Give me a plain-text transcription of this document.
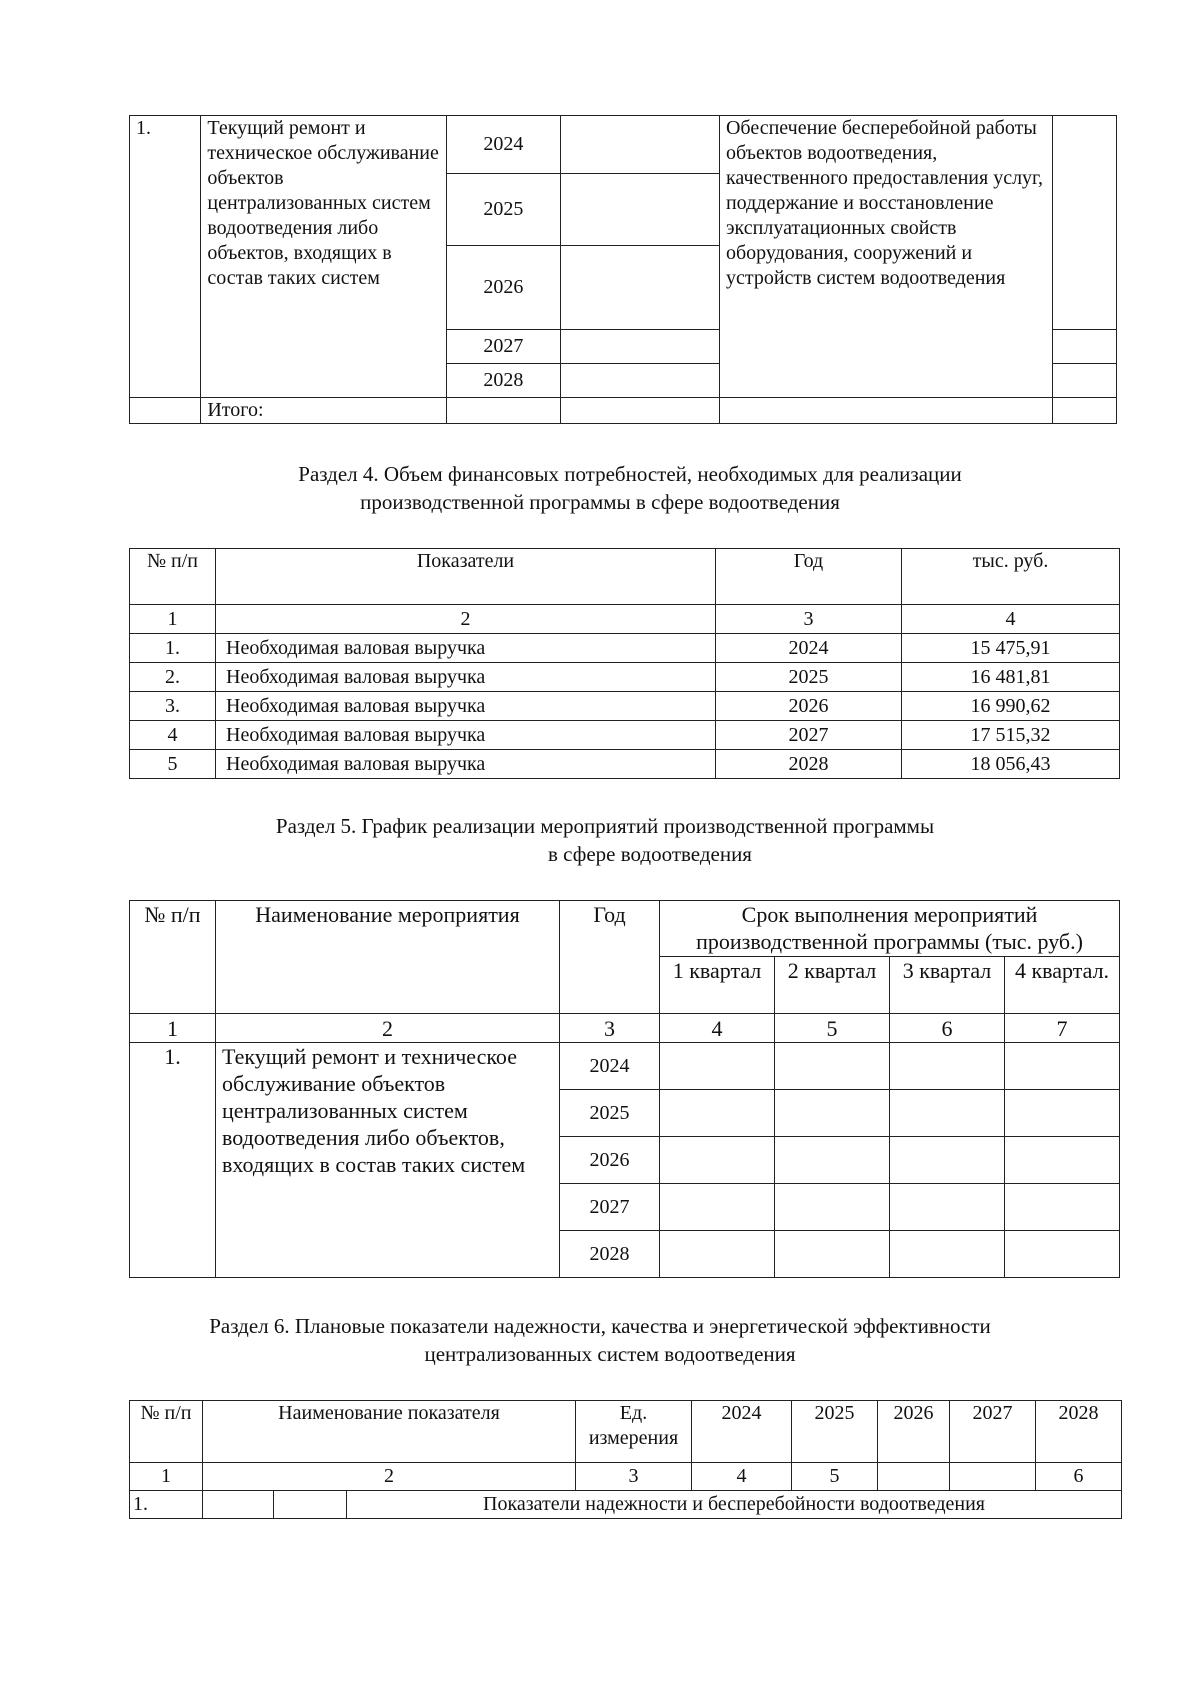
1.	Текущий ремонт и техническое обслуживание объектов централизованных систем водоотведения либо объектов, входящих в состав таких систем	2024		Обеспечение бесперебойной работы объектов водоотведения, качественного предоставления услуг, поддержание и восстановление эксплуатационных свойств оборудования, сооружений и устройств систем водоотведения	
		2025			
		2026			
		2027			
		2028			
	Итого:				
Раздел 4. Объем финансовых потребностей, необходимых для реализации
производственной программы в сфере водоотведения
№ п/п	Показатели	Год	тыс. руб.
1	2	3	4
1.	Необходимая валовая выручка	2024	15 475,91
2.	Необходимая валовая выручка	2025	16 481,81
3.	Необходимая валовая выручка	2026	16 990,62
4	Необходимая валовая выручка	2027	17 515,32
5	Необходимая валовая выручка	2028	18 056,43
Раздел 5. График реализации мероприятий производственной программы
в сфере водоотведения
№ п/п	Наименование мероприятия	Год	Срок выполнения мероприятий производственной программы (тыс. руб.)			
			1 квартал	2 квартал	3 квартал	4 квартал.
1	2	3	4	5	6	7
1.	Текущий ремонт и техническое обслуживание объектов централизованных систем водоотведения либо объектов, входящих в состав таких систем	2024				
		2025				
		2026				
		2027				
		2028				
Раздел 6. Плановые показатели надежности, качества и энергетической эффективности
централизованных систем водоотведения
№ п/п	Наименование показателя			Ед. измерения	2024	2025	2026	2027	2028
1	2			3	4	5			6
1.			Показатели надежности и бесперебойности водоотведения						
